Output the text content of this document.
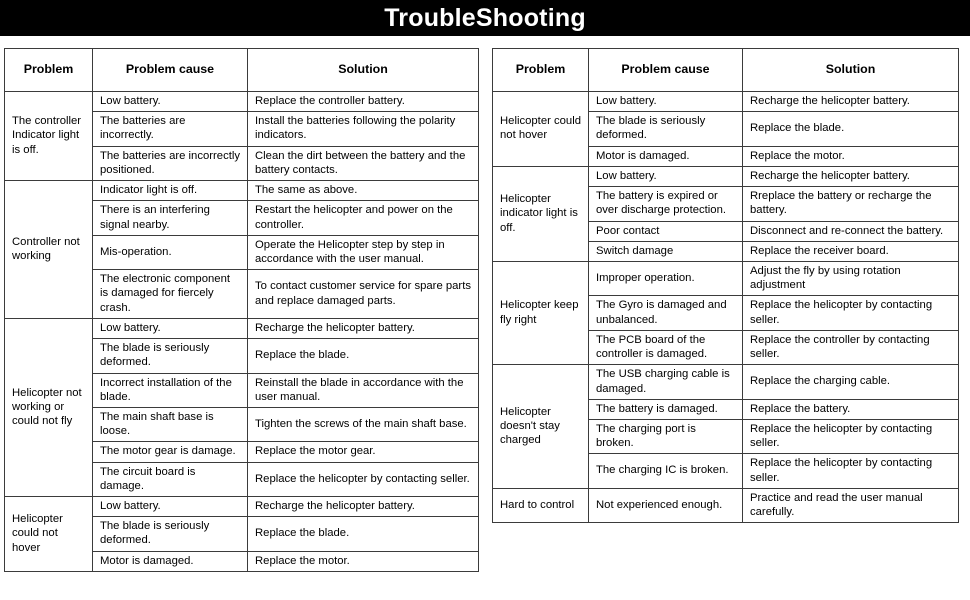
TroubleShooting
Problem	Problem cause	Solution
The controller Indicator light is off.	Low battery.	Replace the controller battery.
	The batteries are incorrectly.	Install the batteries following the polarity indicators.
	The batteries are incorrectly positioned.	Clean the dirt between the battery and the battery contacts.
Controller not working	Indicator light is off.	The same as above.
	There is an interfering signal nearby.	Restart the helicopter and power on the controller.
	Mis-operation.	Operate the Helicopter step by step in accordance with the user manual.
	The electronic component is damaged for fiercely crash.	To contact customer service for spare parts and replace damaged parts.
Helicopter not working or could not fly	Low battery.	Recharge the helicopter battery.
	The blade is seriously deformed.	Replace the blade.
	Incorrect installation of the blade.	Reinstall the blade in accordance with the user manual.
	The main shaft base is loose.	Tighten the screws of the main shaft base.
	The motor gear is damage.	Replace the motor gear.
	The circuit board is damage.	Replace the helicopter by contacting seller.
Helicopter could not hover	Low battery.	Recharge the helicopter battery.
	The blade is seriously deformed.	Replace the blade.
	Motor is damaged.	Replace the motor.
Problem	Problem cause	Solution
Helicopter could not hover	Low battery.	Recharge the helicopter battery.
	The blade is seriously deformed.	Replace the blade.
	Motor is damaged.	Replace the motor.
Helicopter indicator light is off.	Low battery.	Recharge the helicopter battery.
	The battery is expired or over discharge protection.	Rreplace the battery or recharge the battery.
	Poor contact	Disconnect and re-connect the battery.
	Switch damage	Replace the receiver board.
Helicopter keep fly right	Improper operation.	Adjust the fly by using rotation adjustment
	The Gyro is damaged and unbalanced.	Replace the helicopter by contacting seller.
	The PCB board of the controller is damaged.	Replace the controller by contacting seller.
Helicopter doesn't stay charged	The USB charging cable is damaged.	Replace the charging cable.
	The battery is damaged.	Replace the battery.
	The charging port is broken.	Replace the helicopter by contacting seller.
	The charging IC is broken.	Replace the helicopter by contacting seller.
Hard to control	Not experienced enough.	Practice and read the user manual carefully.
